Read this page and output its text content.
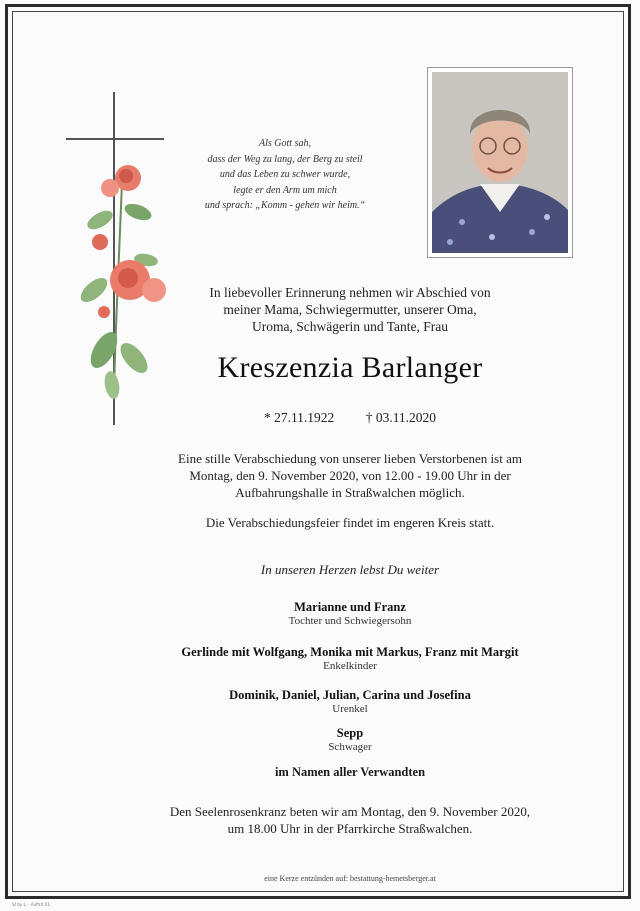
Als Gott sah,
dass der Weg zu lang, der Berg zu steil
und das Leben zu schwer wurde,
legte er den Arm um mich
und sprach: „Komm - gehen wir heim.“
In liebevoller Erinnerung nehmen wir Abschied von
meiner Mama, Schwiegermutter, unserer Oma,
Uroma, Schwägerin und Tante, Frau
Kreszenzia Barlanger
* 27.11.1922 † 03.11.2020
Eine stille Verabschiedung von unserer lieben Verstorbenen ist am
Montag, den 9. November 2020, von 12.00 - 19.00 Uhr in der
Aufbahrungshalle in Straßwalchen möglich.
Die Verabschiedungsfeier findet im engeren Kreis statt.
In unseren Herzen lebst Du weiter
Marianne und Franz
Tochter und Schwiegersohn
Gerlinde mit Wolfgang, Monika mit Markus, Franz mit Margit
Enkelkinder
Dominik, Daniel, Julian, Carina und Josefina
Urenkel
Sepp
Schwager
im Namen aller Verwandten
Den Seelenrosenkranz beten wir am Montag, den 9. November 2020,
um 18.00 Uhr in der Pfarrkirche Straßwalchen.
eine Kerze entzünden auf: bestattung-hemetsberger.at
St by L. · Auftrit 01
